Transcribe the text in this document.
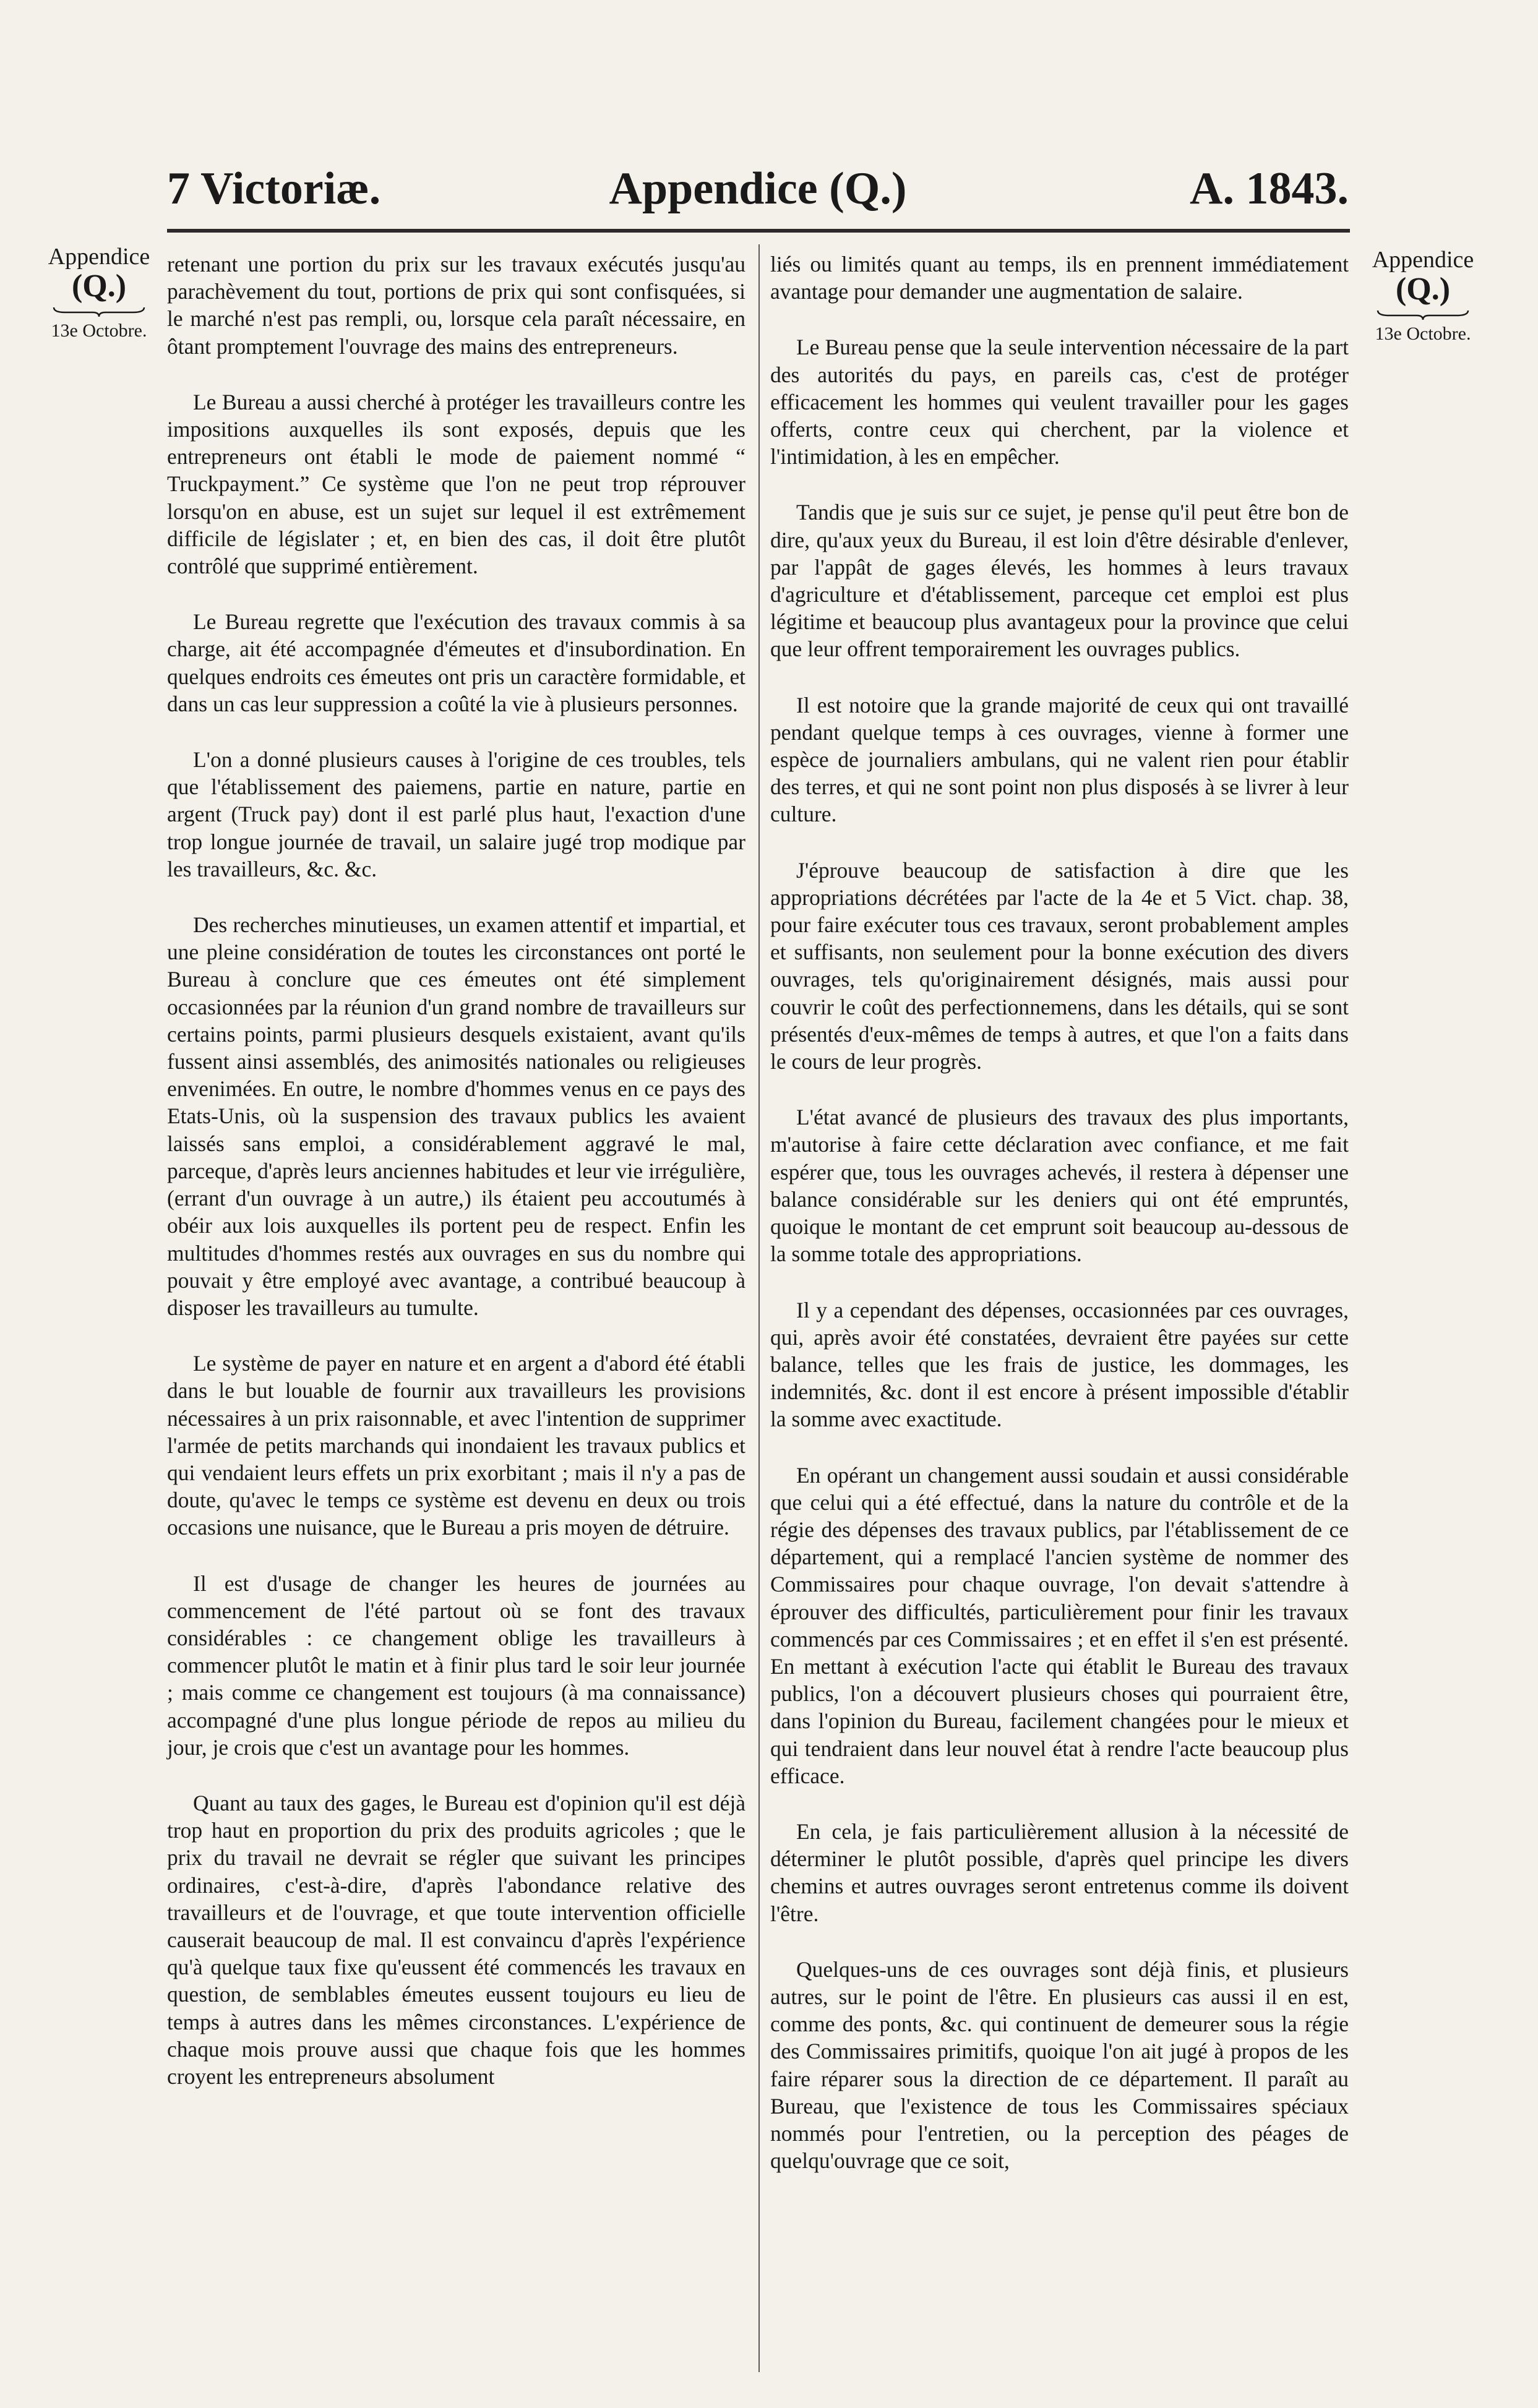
7 Victoriæ.	Appendice (Q.)	A. 1843.
Appendice
(Q.)
13e Octobre.
Appendice
(Q.)
13e Octobre.

retenant une portion du prix sur les travaux exécutés jusqu'au parachèvement du tout, portions de prix qui sont confisquées, si le marché n'est pas rempli, ou, lorsque cela paraît nécessaire, en ôtant promptement l'ouvrage des mains des entrepreneurs.

Le Bureau a aussi cherché à protéger les travailleurs contre les impositions auxquelles ils sont exposés, depuis que les entrepreneurs ont établi le mode de paiement nommé “ Truckpayment.” Ce système que l'on ne peut trop réprouver lorsqu'on en abuse, est un sujet sur lequel il est extrêmement difficile de législater ; et, en bien des cas, il doit être plutôt contrôlé que supprimé entièrement.

Le Bureau regrette que l'exécution des travaux commis à sa charge, ait été accompagnée d'émeutes et d'insubordination. En quelques endroits ces émeutes ont pris un caractère formidable, et dans un cas leur suppression a coûté la vie à plusieurs personnes.

L'on a donné plusieurs causes à l'origine de ces troubles, tels que l'établissement des paiemens, partie en nature, partie en argent (Truck pay) dont il est parlé plus haut, l'exaction d'une trop longue journée de travail, un salaire jugé trop modique par les travailleurs, &c. &c.

Des recherches minutieuses, un examen attentif et impartial, et une pleine considération de toutes les circonstances ont porté le Bureau à conclure que ces émeutes ont été simplement occasionnées par la réunion d'un grand nombre de travailleurs sur certains points, parmi plusieurs desquels existaient, avant qu'ils fussent ainsi assemblés, des animosités nationales ou religieuses envenimées. En outre, le nombre d'hommes venus en ce pays des Etats-Unis, où la suspension des travaux publics les avaient laissés sans emploi, a considérablement aggravé le mal, parceque, d'après leurs anciennes habitudes et leur vie irrégulière, (errant d'un ouvrage à un autre,) ils étaient peu accoutumés à obéir aux lois auxquelles ils portent peu de respect. Enfin les multitudes d'hommes restés aux ouvrages en sus du nombre qui pouvait y être employé avec avantage, a contribué beaucoup à disposer les travailleurs au tumulte.

Le système de payer en nature et en argent a d'abord été établi dans le but louable de fournir aux travailleurs les provisions nécessaires à un prix raisonnable, et avec l'intention de supprimer l'armée de petits marchands qui inondaient les travaux publics et qui vendaient leurs effets un prix exorbitant ; mais il n'y a pas de doute, qu'avec le temps ce système est devenu en deux ou trois occasions une nuisance, que le Bureau a pris moyen de détruire.

Il est d'usage de changer les heures de journées au commencement de l'été partout où se font des travaux considérables : ce changement oblige les travailleurs à commencer plutôt le matin et à finir plus tard le soir leur journée ; mais comme ce changement est toujours (à ma connaissance) accompagné d'une plus longue période de repos au milieu du jour, je crois que c'est un avantage pour les hommes.

Quant au taux des gages, le Bureau est d'opinion qu'il est déjà trop haut en proportion du prix des produits agricoles ; que le prix du travail ne devrait se régler que suivant les principes ordinaires, c'est-à-dire, d'après l'abondance relative des travailleurs et de l'ouvrage, et que toute intervention officielle causerait beaucoup de mal. Il est convaincu d'après l'expérience qu'à quelque taux fixe qu'eussent été commencés les travaux en question, de semblables émeutes eussent toujours eu lieu de temps à autres dans les mêmes circonstances. L'expérience de chaque mois prouve aussi que chaque fois que les hommes croyent les entrepreneurs absolument

liés ou limités quant au temps, ils en prennent immédiatement avantage pour demander une augmentation de salaire.

Le Bureau pense que la seule intervention nécessaire de la part des autorités du pays, en pareils cas, c'est de protéger efficacement les hommes qui veulent travailler pour les gages offerts, contre ceux qui cherchent, par la violence et l'intimidation, à les en empêcher.

Tandis que je suis sur ce sujet, je pense qu'il peut être bon de dire, qu'aux yeux du Bureau, il est loin d'être désirable d'enlever, par l'appât de gages élevés, les hommes à leurs travaux d'agriculture et d'établissement, parceque cet emploi est plus légitime et beaucoup plus avantageux pour la province que celui que leur offrent temporairement les ouvrages publics.

Il est notoire que la grande majorité de ceux qui ont travaillé pendant quelque temps à ces ouvrages, vienne à former une espèce de journaliers ambulans, qui ne valent rien pour établir des terres, et qui ne sont point non plus disposés à se livrer à leur culture.

J'éprouve beaucoup de satisfaction à dire que les appropriations décrétées par l'acte de la 4e et 5 Vict. chap. 38, pour faire exécuter tous ces travaux, seront probablement amples et suffisants, non seulement pour la bonne exécution des divers ouvrages, tels qu'originairement désignés, mais aussi pour couvrir le coût des perfectionnemens, dans les détails, qui se sont présentés d'eux-mêmes de temps à autres, et que l'on a faits dans le cours de leur progrès.

L'état avancé de plusieurs des travaux des plus importants, m'autorise à faire cette déclaration avec confiance, et me fait espérer que, tous les ouvrages achevés, il restera à dépenser une balance considérable sur les deniers qui ont été empruntés, quoique le montant de cet emprunt soit beaucoup au-dessous de la somme totale des appropriations.

Il y a cependant des dépenses, occasionnées par ces ouvrages, qui, après avoir été constatées, devraient être payées sur cette balance, telles que les frais de justice, les dommages, les indemnités, &c. dont il est encore à présent impossible d'établir la somme avec exactitude.

En opérant un changement aussi soudain et aussi considérable que celui qui a été effectué, dans la nature du contrôle et de la régie des dépenses des travaux publics, par l'établissement de ce département, qui a remplacé l'ancien système de nommer des Commissaires pour chaque ouvrage, l'on devait s'attendre à éprouver des difficultés, particulièrement pour finir les travaux commencés par ces Commissaires ; et en effet il s'en est présenté. En mettant à exécution l'acte qui établit le Bureau des travaux publics, l'on a découvert plusieurs choses qui pourraient être, dans l'opinion du Bureau, facilement changées pour le mieux et qui tendraient dans leur nouvel état à rendre l'acte beaucoup plus efficace.

En cela, je fais particulièrement allusion à la nécessité de déterminer le plutôt possible, d'après quel principe les divers chemins et autres ouvrages seront entretenus comme ils doivent l'être.

Quelques-uns de ces ouvrages sont déjà finis, et plusieurs autres, sur le point de l'être. En plusieurs cas aussi il en est, comme des ponts, &c. qui continuent de demeurer sous la régie des Commissaires primitifs, quoique l'on ait jugé à propos de les faire réparer sous la direction de ce département. Il paraît au Bureau, que l'existence de tous les Commissaires spéciaux nommés pour l'entretien, ou la perception des péages de quelqu'ouvrage que ce soit,
